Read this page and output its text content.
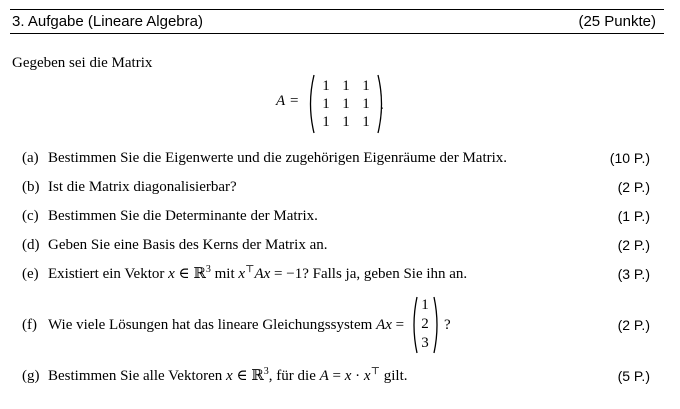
3. Aufgabe (Lineare Algebra)	(25 Punkte)
Gegeben sei die Matrix
A =
1 1 1
1 1 1
1 1 1
.
(a) Bestimmen Sie die Eigenwerte und die zugehörigen Eigenräume der Matrix.	(10 P.)
(b) Ist die Matrix diagonalisierbar?	(2 P.)
(c) Bestimmen Sie die Determinante der Matrix.	(1 P.)
(d) Geben Sie eine Basis des Kerns der Matrix an.	(2 P.)
(e) Existiert ein Vektor x ∈ ℝ$^3$ mit x⊤Ax = −1? Falls ja, geben Sie ihn an.	(3 P.)
(f) Wie viele Lösungen hat das lineare Gleichungssystem Ax =	(2 P.)
1
2
3
?
(g) Bestimmen Sie alle Vektoren x ∈ ℝ$^3$, für die A = x · x⊤ gilt.	(5 P.)
